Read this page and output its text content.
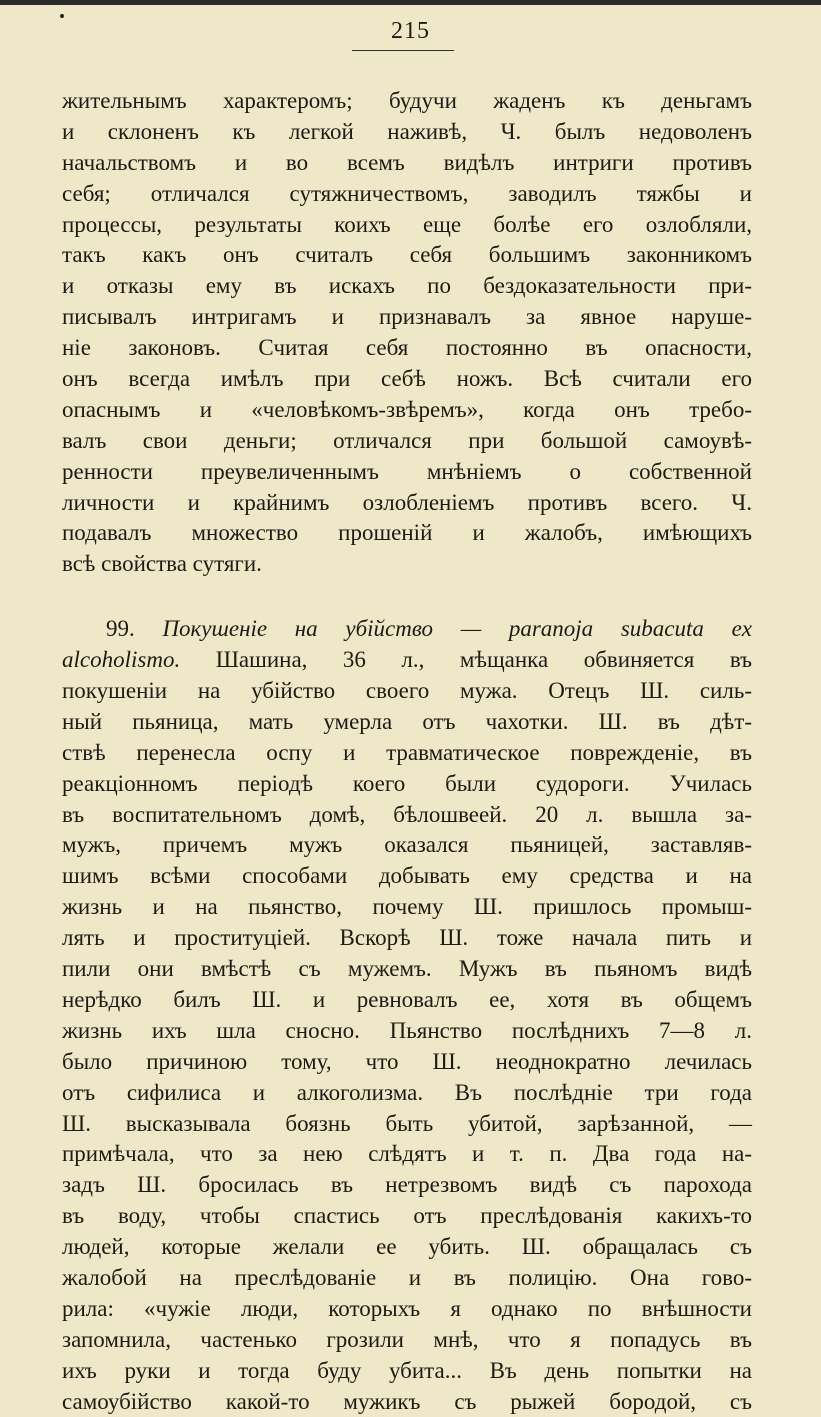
215
жительнымъ характеромъ; будучи жаденъ къ деньгамъ
и склоненъ къ легкой наживѣ, Ч. былъ недоволенъ
начальствомъ и во всемъ видѣлъ интриги противъ
себя; отличался сутяжничествомъ, заводилъ тяжбы и
процессы, результаты коихъ еще болѣе его озлобляли,
такъ какъ онъ считалъ себя большимъ законникомъ
и отказы ему въ искахъ по бездоказательности при-
писывалъ интригамъ и признавалъ за явное наруше-
нiе законовъ. Считая себя постоянно въ опасности,
онъ всегда имѣлъ при себѣ ножъ. Всѣ считали его
опаснымъ и «человѣкомъ-звѣремъ», когда онъ требо-
валъ свои деньги; отличался при большой самоувѣ-
ренности преувеличеннымъ мнѣнiемъ о собственной
личности и крайнимъ озлобленiемъ противъ всего. Ч.
подавалъ множество прошенiй и жалобъ, имѣющихъ
всѣ свойства сутяги.
99. Покушенiе на убiйство — paranoja subacuta ex
alcoholismo. Шашина, 36 л., мѣщанка обвиняется въ
покушенiи на убiйство своего мужа. Отецъ Ш. силь-
ный пьяница, мать умерла отъ чахотки. Ш. въ дѣт-
ствѣ перенесла оспу и травматическое поврежденiе, въ
реакцiонномъ перiодѣ коего были судороги. Училась
въ воспитательномъ домѣ, бѣлошвеей. 20 л. вышла за-
мужъ, причемъ мужъ оказался пьяницей, заставляв-
шимъ всѣми способами добывать ему средства и на
жизнь и на пьянство, почему Ш. пришлось промыш-
лять и проституцiей. Вскорѣ Ш. тоже начала пить и
пили они вмѣстѣ съ мужемъ. Мужъ въ пьяномъ видѣ
нерѣдко билъ Ш. и ревновалъ ее, хотя въ общемъ
жизнь ихъ шла сносно. Пьянство послѣднихъ 7—8 л.
было причиною тому, что Ш. неоднократно лечилась
отъ сифилиса и алкоголизма. Въ послѣднiе три года
Ш. высказывала боязнь быть убитой, зарѣзанной, —
примѣчала, что за нею слѣдятъ и т. п. Два года на-
задъ Ш. бросилась въ нетрезвомъ видѣ съ парохода
въ воду, чтобы спастись отъ преслѣдованiя какихъ-то
людей, которые желали ее убить. Ш. обращалась съ
жалобой на преслѣдованiе и въ полицiю. Она гово-
рила: «чужiе люди, которыхъ я однако по внѣшности
запомнила, частенько грозили мнѣ, что я попадусь въ
ихъ руки и тогда буду убита... Въ день попытки на
самоубiйство какой-то мужикъ съ рыжей бородой, съ
